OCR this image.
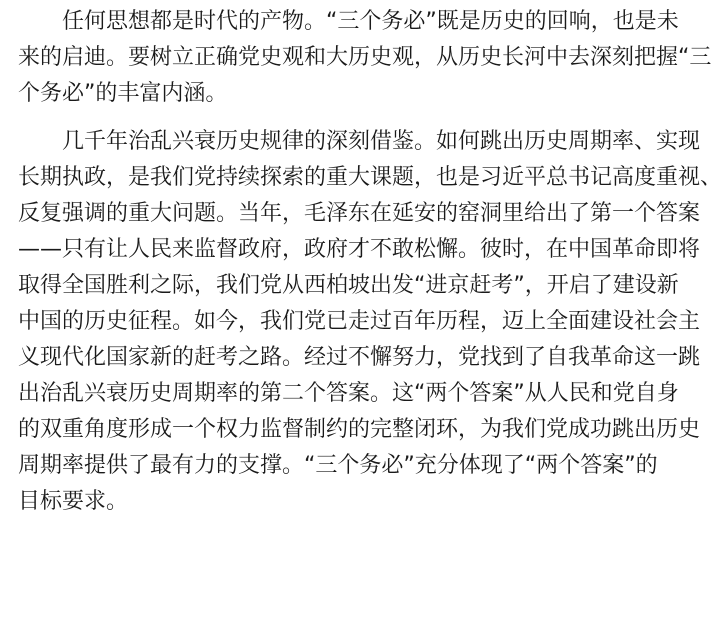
任何思想都是时代的产物。“三个务必”既是历史的回响，也是未
来的启迪。要树立正确党史观和大历史观，从历史长河中去深刻把握“三
个务必”的丰富内涵。

几千年治乱兴衰历史规律的深刻借鉴。如何跳出历史周期率、实现
长期执政，是我们党持续探索的重大课题，也是习近平总书记高度重视、
反复强调的重大问题。当年，毛泽东在延安的窑洞里给出了第一个答案
——只有让人民来监督政府，政府才不敢松懈。彼时，在中国革命即将
取得全国胜利之际，我们党从西柏坡出发“进京赶考”，开启了建设新
中国的历史征程。如今，我们党已走过百年历程，迈上全面建设社会主
义现代化国家新的赶考之路。经过不懈努力，党找到了自我革命这一跳
出治乱兴衰历史周期率的第二个答案。这“两个答案”从人民和党自身
的双重角度形成一个权力监督制约的完整闭环，为我们党成功跳出历史
周期率提供了最有力的支撑。“三个务必”充分体现了“两个答案”的
目标要求。
